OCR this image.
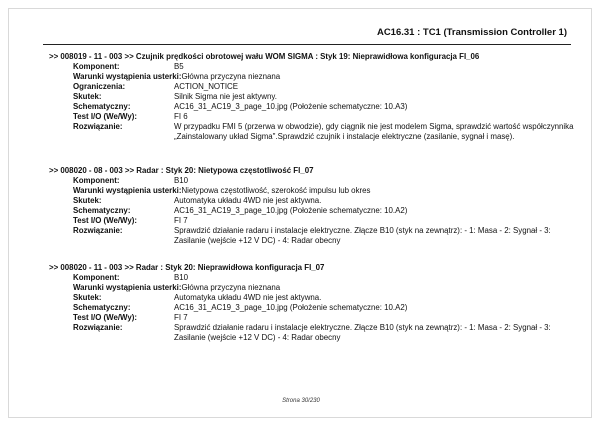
AC16.31 : TC1 (Transmission Controller 1)
>> 008019 - 11 - 003 >> Czujnik prędkości obrotowej wału WOM SIGMA : Styk 19: Nieprawidłowa konfiguracja FI_06
Komponent:	B5
Warunki wystąpienia usterki: Główna przyczyna nieznana
Ograniczenia:	ACTION_NOTICE
Skutek:	Silnik Sigma nie jest aktywny.
Schematyczny:	AC16_31_AC19_3_page_10.jpg (Położenie schematyczne: 10.A3)
Test I/O (We/Wy):	FI 6
Rozwiązanie:	W przypadku FMI 5 (przerwa w obwodzie), gdy ciągnik nie jest modelem Sigma, sprawdzić wartość współczynnika „Zainstalowany układ Sigma".Sprawdzić czujnik i instalacje elektryczne (zasilanie, sygnał i masę).
>> 008020 - 08 - 003 >> Radar : Styk 20: Nietypowa częstotliwość FI_07
Komponent:	B10
Warunki wystąpienia usterki: Nietypowa częstotliwość, szerokość impulsu lub okres
Skutek:	Automatyka układu 4WD nie jest aktywna.
Schematyczny:	AC16_31_AC19_3_page_10.jpg (Położenie schematyczne: 10.A2)
Test I/O (We/Wy):	FI 7
Rozwiązanie:	Sprawdzić działanie radaru i instalacje elektryczne. Złącze B10 (styk na zewnątrz): - 1: Masa - 2: Sygnał - 3: Zasilanie (wejście +12 V DC) - 4: Radar obecny
>> 008020 - 11 - 003 >> Radar : Styk 20: Nieprawidłowa konfiguracja FI_07
Komponent:	B10
Warunki wystąpienia usterki: Główna przyczyna nieznana
Skutek:	Automatyka układu 4WD nie jest aktywna.
Schematyczny:	AC16_31_AC19_3_page_10.jpg (Położenie schematyczne: 10.A2)
Test I/O (We/Wy):	FI 7
Rozwiązanie:	Sprawdzić działanie radaru i instalacje elektryczne. Złącze B10 (styk na zewnątrz): - 1: Masa - 2: Sygnał - 3: Zasilanie (wejście +12 V DC) - 4: Radar obecny
Strona 30/230
